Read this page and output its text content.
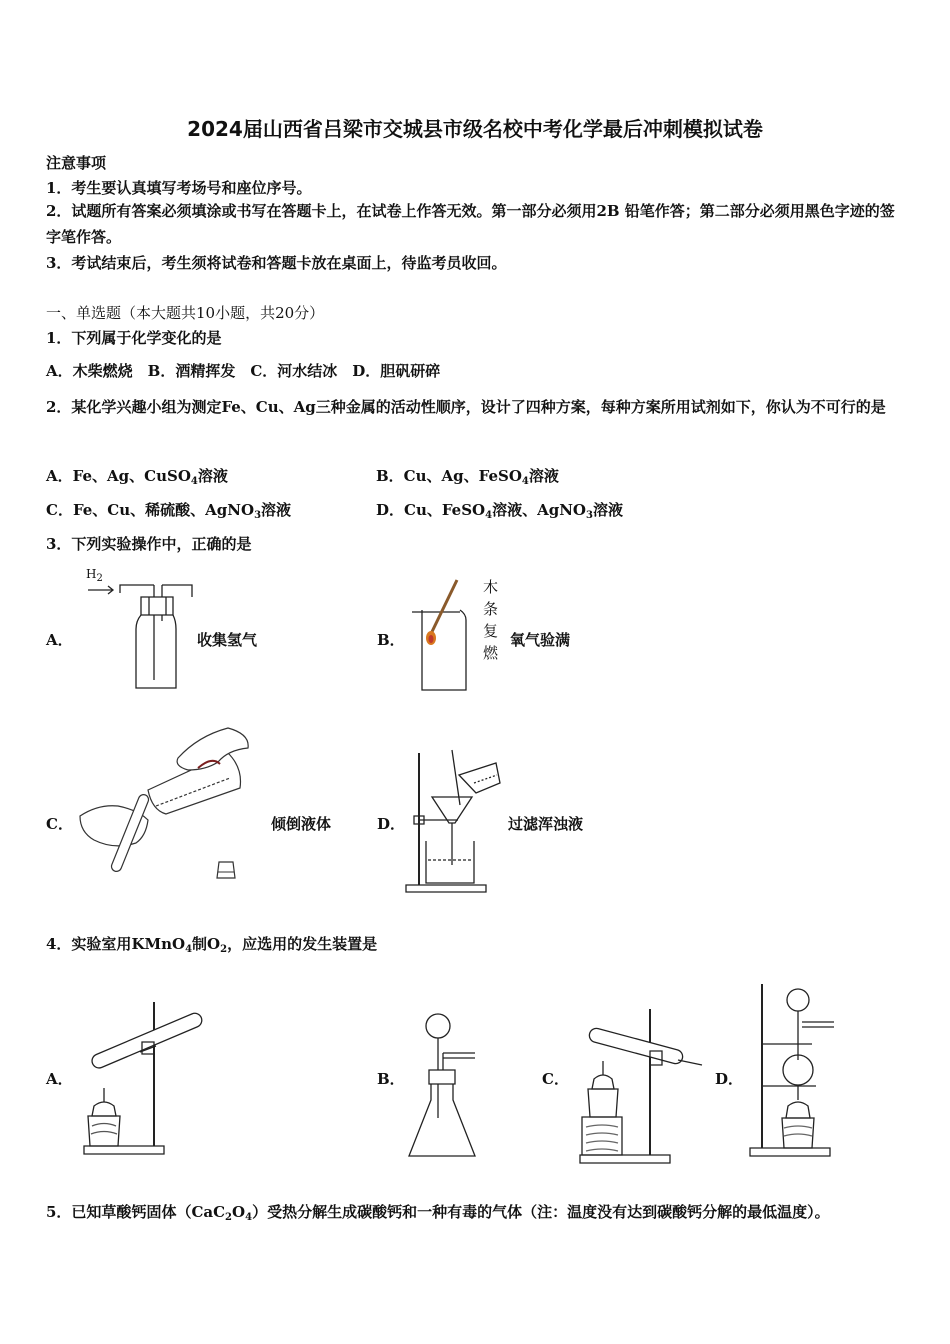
2024届山西省吕梁市交城县市级名校中考化学最后冲刺模拟试卷
注意事项
1．考生要认真填写考场号和座位序号。
2．试题所有答案必须填涂或书写在答题卡上，在试卷上作答无效。第一部分必须用2B 铅笔作答；第二部分必须用黑色字迹的签字笔作答。
3．考试结束后，考生须将试卷和答题卡放在桌面上，待监考员收回。
一、单选题（本大题共10小题，共20分）
1．下列属于化学变化的是
A．木柴燃烧　B．酒精挥发　C．河水结冰　D．胆矾研碎
2．某化学兴趣小组为测定Fe、Cu、Ag三种金属的活动性顺序，设计了四种方案，每种方案所用试剂如下，你认为不可行的是
A．Fe、Ag、CuSO$_4$溶液	B．Cu、Ag、FeSO$_4$溶液
C．Fe、Cu、稀硫酸、AgNO$_3$溶液	D．Cu、FeSO$_4$溶液、AgNO$_3$溶液
3．下列实验操作中，正确的是
A．
$H_2$
收集氢气	B．
木
条
复
燃
氧气验满
C．	倾倒液体	D．	过滤浑浊液
4．实验室用KMnO$_4$制$O_2$，应选用的发生装置是
A．	B．	C．	D．
5．已知草酸钙固体$(CaC_2O_4)$受热分解生成碳酸钙和一种有毒的气体（注：温度没有达到碳酸钙分解的最低温度）。
